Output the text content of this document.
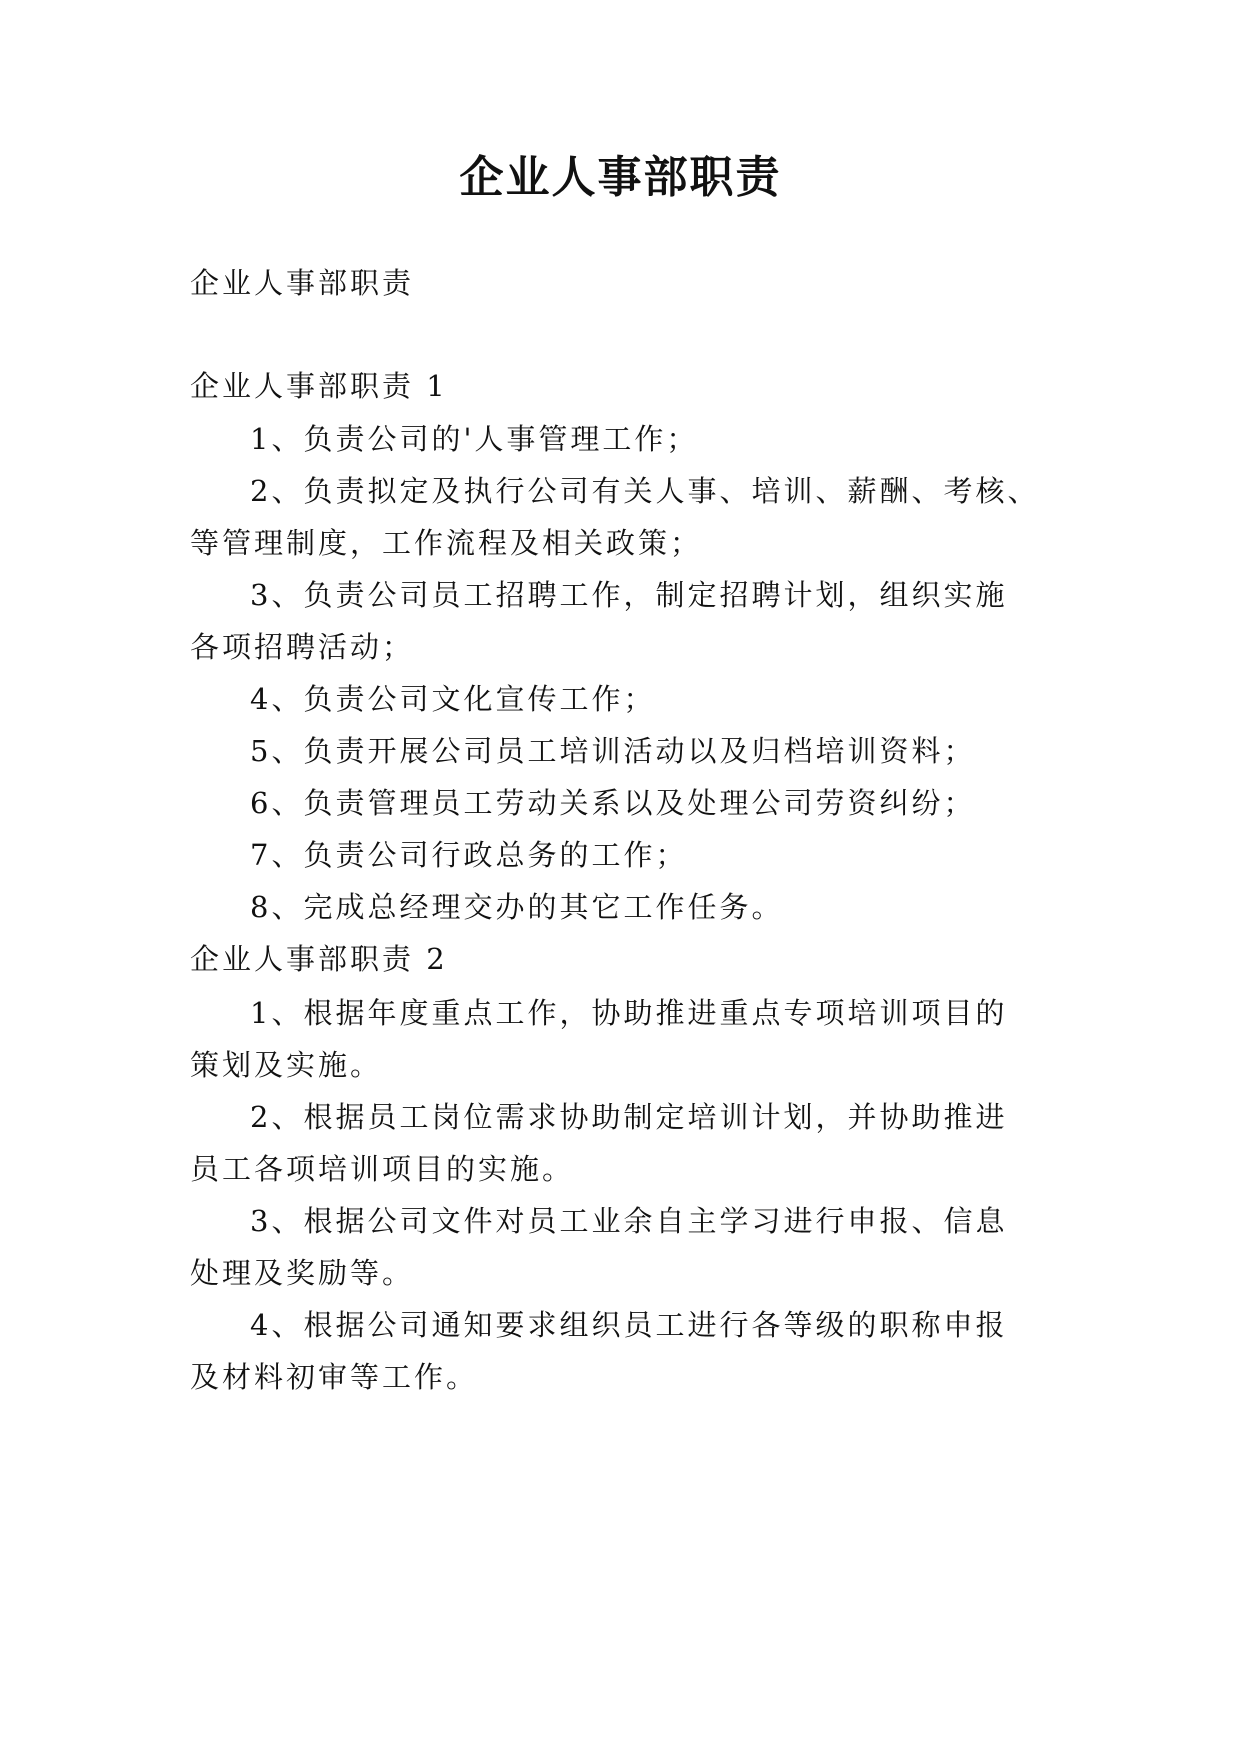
企业人事部职责
企业人事部职责
企业人事部职责 1
1、负责公司的'人事管理工作；
2、负责拟定及执行公司有关人事、培训、薪酬、考核、
等管理制度，工作流程及相关政策；
3、负责公司员工招聘工作，制定招聘计划，组织实施
各项招聘活动；
4、负责公司文化宣传工作；
5、负责开展公司员工培训活动以及归档培训资料；
6、负责管理员工劳动关系以及处理公司劳资纠纷；
7、负责公司行政总务的工作；
8、完成总经理交办的其它工作任务。
企业人事部职责 2
1、根据年度重点工作，协助推进重点专项培训项目的
策划及实施。
2、根据员工岗位需求协助制定培训计划，并协助推进
员工各项培训项目的实施。
3、根据公司文件对员工业余自主学习进行申报、信息
处理及奖励等。
4、根据公司通知要求组织员工进行各等级的职称申报
及材料初审等工作。
